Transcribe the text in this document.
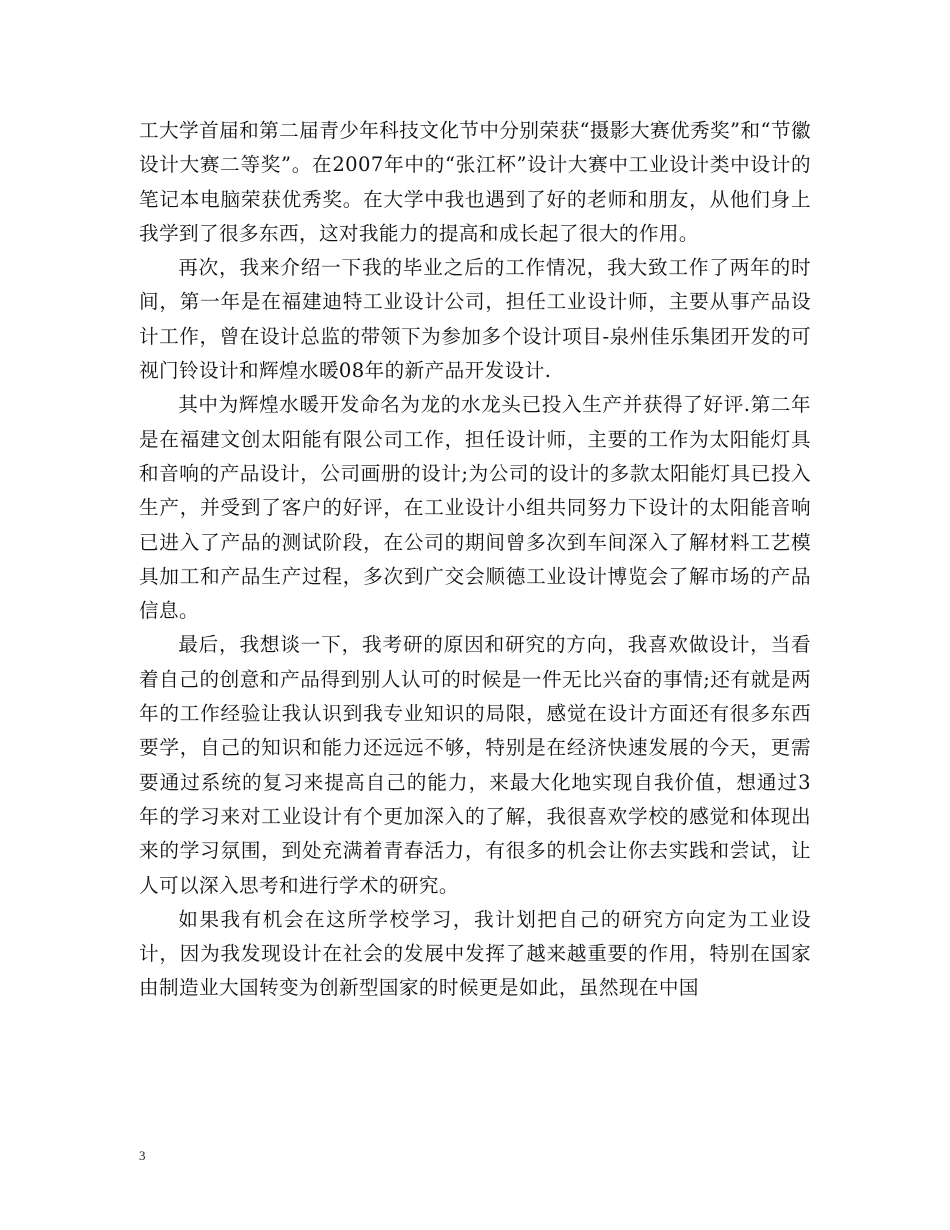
工大学首届和第二届青少年科技文化节中分别荣获“摄影大赛优秀奖”和“节徽设计大赛二等奖”。在2007年中的“张江杯”设计大赛中工业设计类中设计的笔记本电脑荣获优秀奖。在大学中我也遇到了好的老师和朋友，从他们身上我学到了很多东西，这对我能力的提高和成长起了很大的作用。

再次，我来介绍一下我的毕业之后的工作情况，我大致工作了两年的时间，第一年是在福建迪特工业设计公司，担任工业设计师，主要从事产品设计工作，曾在设计总监的带领下为参加多个设计项目-泉州佳乐集团开发的可视门铃设计和辉煌水暖08年的新产品开发设计.

其中为辉煌水暖开发命名为龙的水龙头已投入生产并获得了好评.第二年是在福建文创太阳能有限公司工作，担任设计师，主要的工作为太阳能灯具和音响的产品设计，公司画册的设计;为公司的设计的多款太阳能灯具已投入生产，并受到了客户的好评，在工业设计小组共同努力下设计的太阳能音响已进入了产品的测试阶段，在公司的期间曾多次到车间深入了解材料工艺模具加工和产品生产过程，多次到广交会顺德工业设计博览会了解市场的产品信息。

最后，我想谈一下，我考研的原因和研究的方向，我喜欢做设计，当看着自己的创意和产品得到别人认可的时候是一件无比兴奋的事情;还有就是两年的工作经验让我认识到我专业知识的局限，感觉在设计方面还有很多东西要学，自己的知识和能力还远远不够，特别是在经济快速发展的今天，更需要通过系统的复习来提高自己的能力，来最大化地实现自我价值，想通过3年的学习来对工业设计有个更加深入的了解，我很喜欢学校的感觉和体现出来的学习氛围，到处充满着青春活力，有很多的机会让你去实践和尝试，让人可以深入思考和进行学术的研究。

如果我有机会在这所学校学习，我计划把自己的研究方向定为工业设计，因为我发现设计在社会的发展中发挥了越来越重要的作用，特别在国家由制造业大国转变为创新型国家的时候更是如此，虽然现在中国

3
